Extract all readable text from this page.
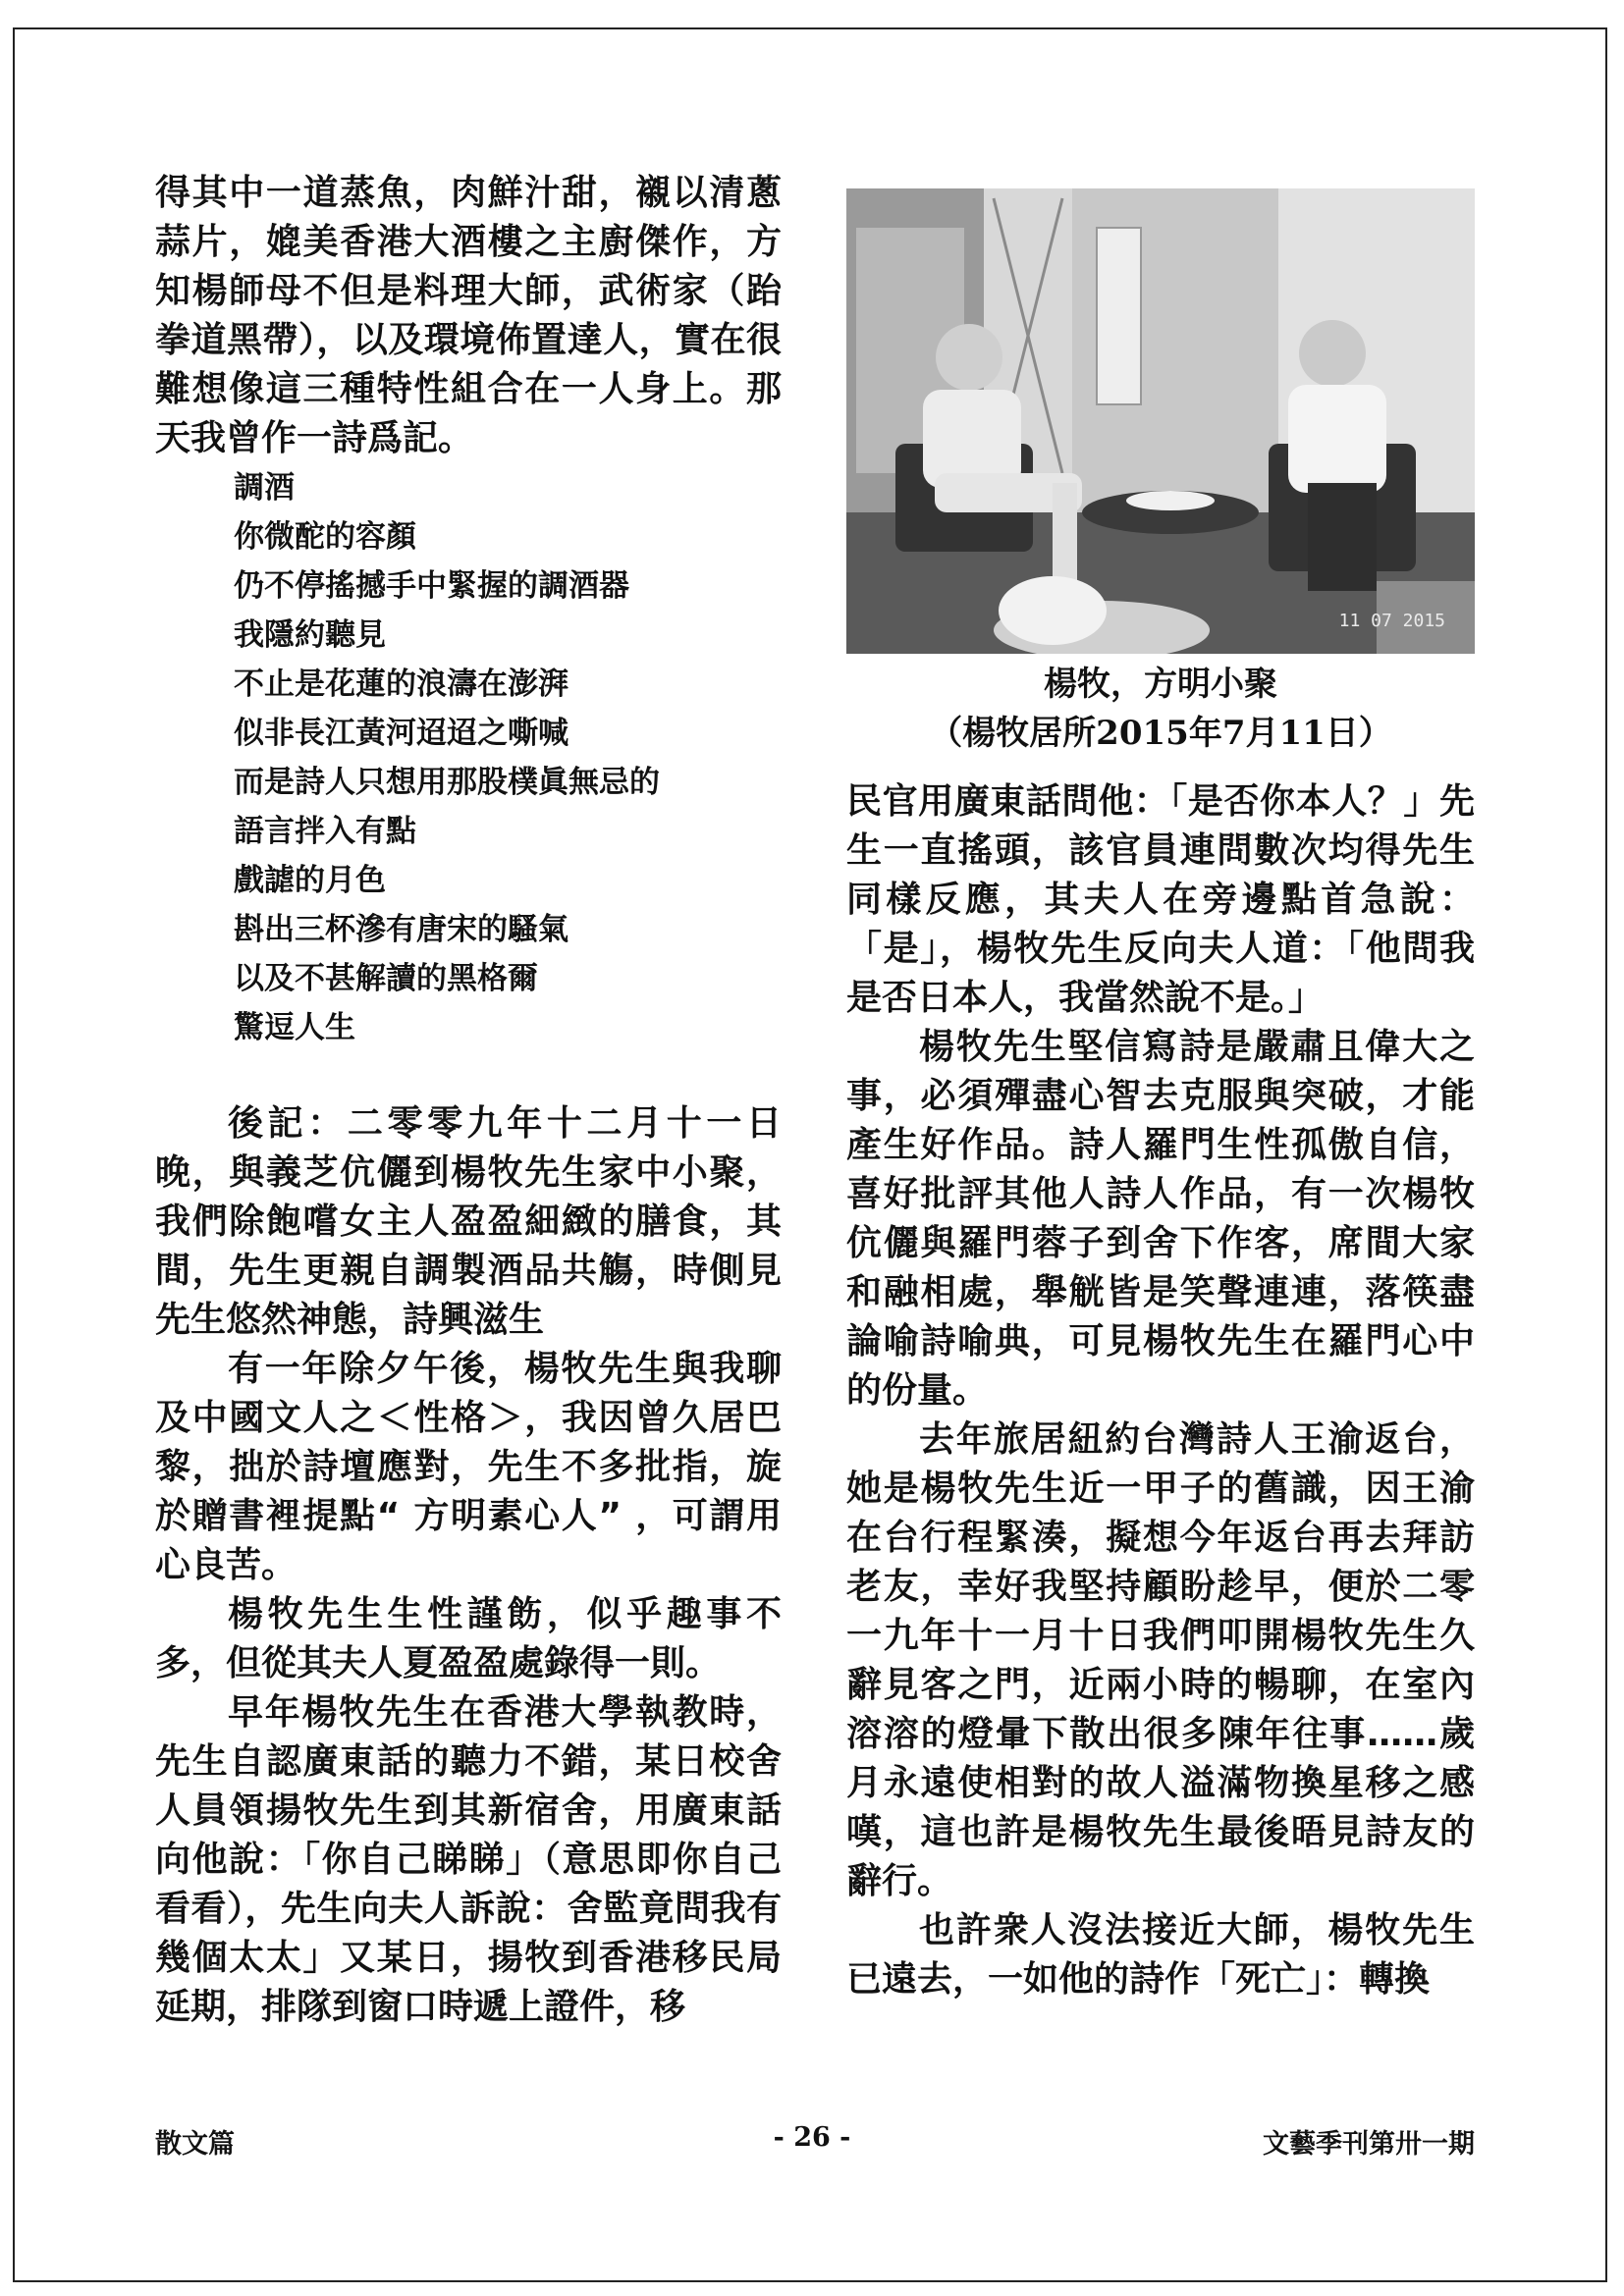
得其中一道蒸魚，肉鮮汁甜，襯以清蔥蒜片，媲美香港大酒樓之主廚傑作，方知楊師母不但是料理大師，武術家（跆拳道黑帶），以及環境佈置達人，實在很難想像這三種特性組合在一人身上。那天我曾作一詩爲記。

調酒
你微酡的容顏
仍不停搖撼手中緊握的調酒器
我隱約聽見
不止是花蓮的浪濤在澎湃
似非長江黃河迢迢之嘶喊
而是詩人只想用那股樸眞無忌的
語言拌入有點
戲謔的月色
斟出三杯滲有唐宋的騷氣
以及不甚解讀的黑格爾
驚逗人生

後記：二零零九年十二月十一日晚，與義芝伉儷到楊牧先生家中小聚，我們除飽嚐女主人盈盈細緻的膳食，其間，先生更親自調製酒品共觴，時側見先生悠然神態，詩興滋生

有一年除夕午後，楊牧先生與我聊及中國文人之＜性格＞，我因曾久居巴黎，拙於詩壇應對，先生不多批指，旋於贈書裡提點“ 方明素心人” ，可謂用心良苦。

楊牧先生生性謹飭，似乎趣事不多，但從其夫人夏盈盈處錄得一則。

早年楊牧先生在香港大學執教時，先生自認廣東話的聽力不錯，某日校舍人員領揚牧先生到其新宿舍，用廣東話向他說：「你自己睇睇」（意思即你自己看看），先生向夫人訴說：舍監竟問我有幾個太太」又某日，揚牧到香港移民局延期，排隊到窗口時遞上證件，移

11 07 2015
楊牧，方明小聚
（楊牧居所2015年7月11日）

民官用廣東話問他：「是否你本人？」先生一直搖頭，該官員連問數次均得先生同樣反應，其夫人在旁邊點首急說：「是」，楊牧先生反向夫人道：「他問我是否日本人，我當然說不是。」

楊牧先生堅信寫詩是嚴肅且偉大之事，必須殫盡心智去克服與突破，才能產生好作品。詩人羅門生性孤傲自信，喜好批評其他人詩人作品，有一次楊牧伉儷與羅門蓉子到舍下作客，席間大家和融相處，舉觥皆是笑聲連連，落筷盡論喻詩喻典，可見楊牧先生在羅門心中的份量。

去年旅居紐約台灣詩人王渝返台，她是楊牧先生近一甲子的舊識，因王渝在台行程緊湊，擬想今年返台再去拜訪老友，幸好我堅持顧盼趁早，便於二零一九年十一月十日我們叩開楊牧先生久辭見客之門，近兩小時的暢聊，在室內溶溶的燈暈下散出很多陳年往事……歲月永遠使相對的故人溢滿物換星移之感嘆，這也許是楊牧先生最後晤見詩友的辭行。

也許衆人沒法接近大師，楊牧先生已遠去，一如他的詩作「死亡」：轉換

散文篇	- 26 -	文藝季刊第卅一期
